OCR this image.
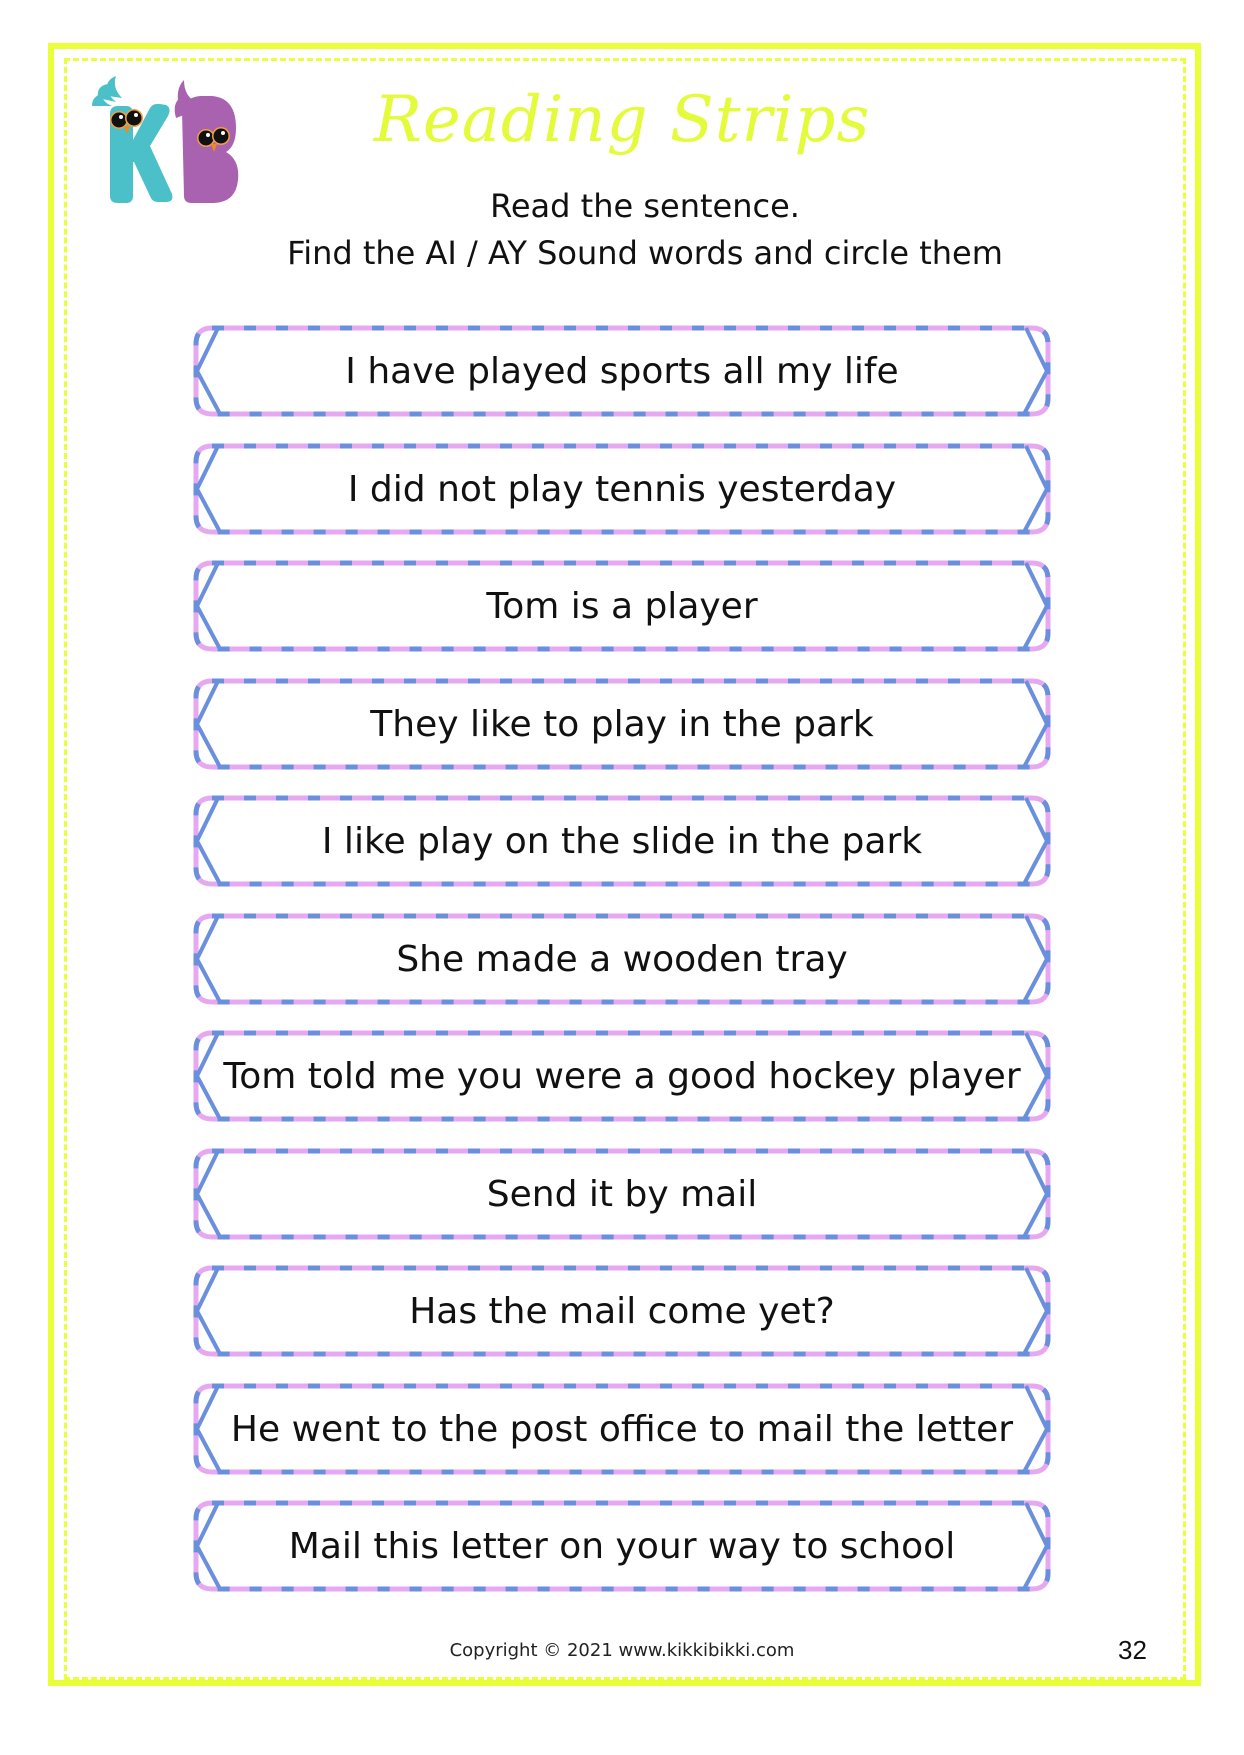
Reading Strips
Read the sentence.
Find the AI / AY Sound words and circle them
I have played sports all my life
I did not play tennis yesterday
Tom is a player
They like to play in the park
I like play on the slide in the park
She made a wooden tray
Tom told me you were a good hockey player
Send it by mail
Has the mail come yet?
He went to the post office to mail the letter
Mail this letter on your way to school
Copyright © 2021 www.kikkibikki.com	32
